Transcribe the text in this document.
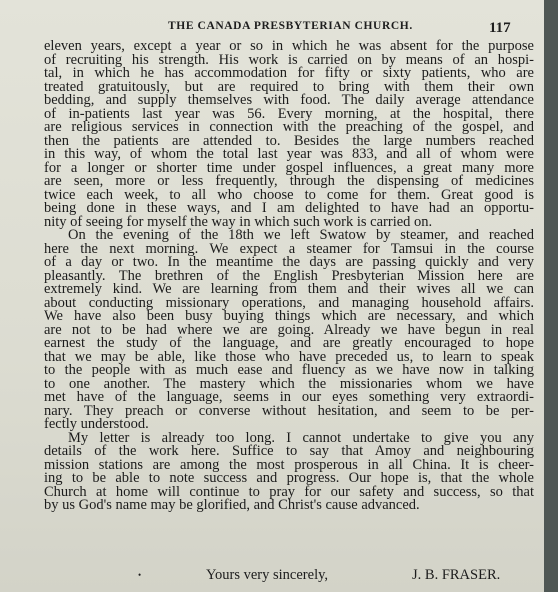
THE CANADA PRESBYTERIAN CHURCH.	117
eleven years, except a year or so in which he was absent for the purpose
of recruiting his strength. His work is carried on by means of an hospi-
tal, in which he has accommodation for fifty or sixty patients, who are
treated gratuitously, but are required to bring with them their own
bedding, and supply themselves with food. The daily average attendance
of in-patients last year was 56. Every morning, at the hospital, there
are religious services in connection with the preaching of the gospel, and
then the patients are attended to. Besides the large numbers reached
in this way, of whom the total last year was 833, and all of whom were
for a longer or shorter time under gospel influences, a great many more
are seen, more or less frequently, through the dispensing of medicines
twice each week, to all who choose to come for them. Great good is
being done in these ways, and I am delighted to have had an opportu-
nity of seeing for myself the way in which such work is carried on.
On the evening of the 18th we left Swatow by steamer, and reached
here the next morning. We expect a steamer for Tamsui in the course
of a day or two. In the meantime the days are passing quickly and very
pleasantly. The brethren of the English Presbyterian Mission here are
extremely kind. We are learning from them and their wives all we can
about conducting missionary operations, and managing household affairs.
We have also been busy buying things which are necessary, and which
are not to be had where we are going. Already we have begun in real
earnest the study of the language, and are greatly encouraged to hope
that we may be able, like those who have preceded us, to learn to speak
to the people with as much ease and fluency as we have now in talking
to one another. The mastery which the missionaries whom we have
met have of the language, seems in our eyes something very extraordi-
nary. They preach or converse without hesitation, and seem to be per-
fectly understood.
My letter is already too long. I cannot undertake to give you any
details of the work here. Suffice to say that Amoy and neighbouring
mission stations are among the most prosperous in all China. It is cheer-
ing to be able to note success and progress. Our hope is, that the whole
Church at home will continue to pray for our safety and success, so that
by us God's name may be glorified, and Christ's cause advanced.
•	Yours very sincerely,	J. B. FRASER.
